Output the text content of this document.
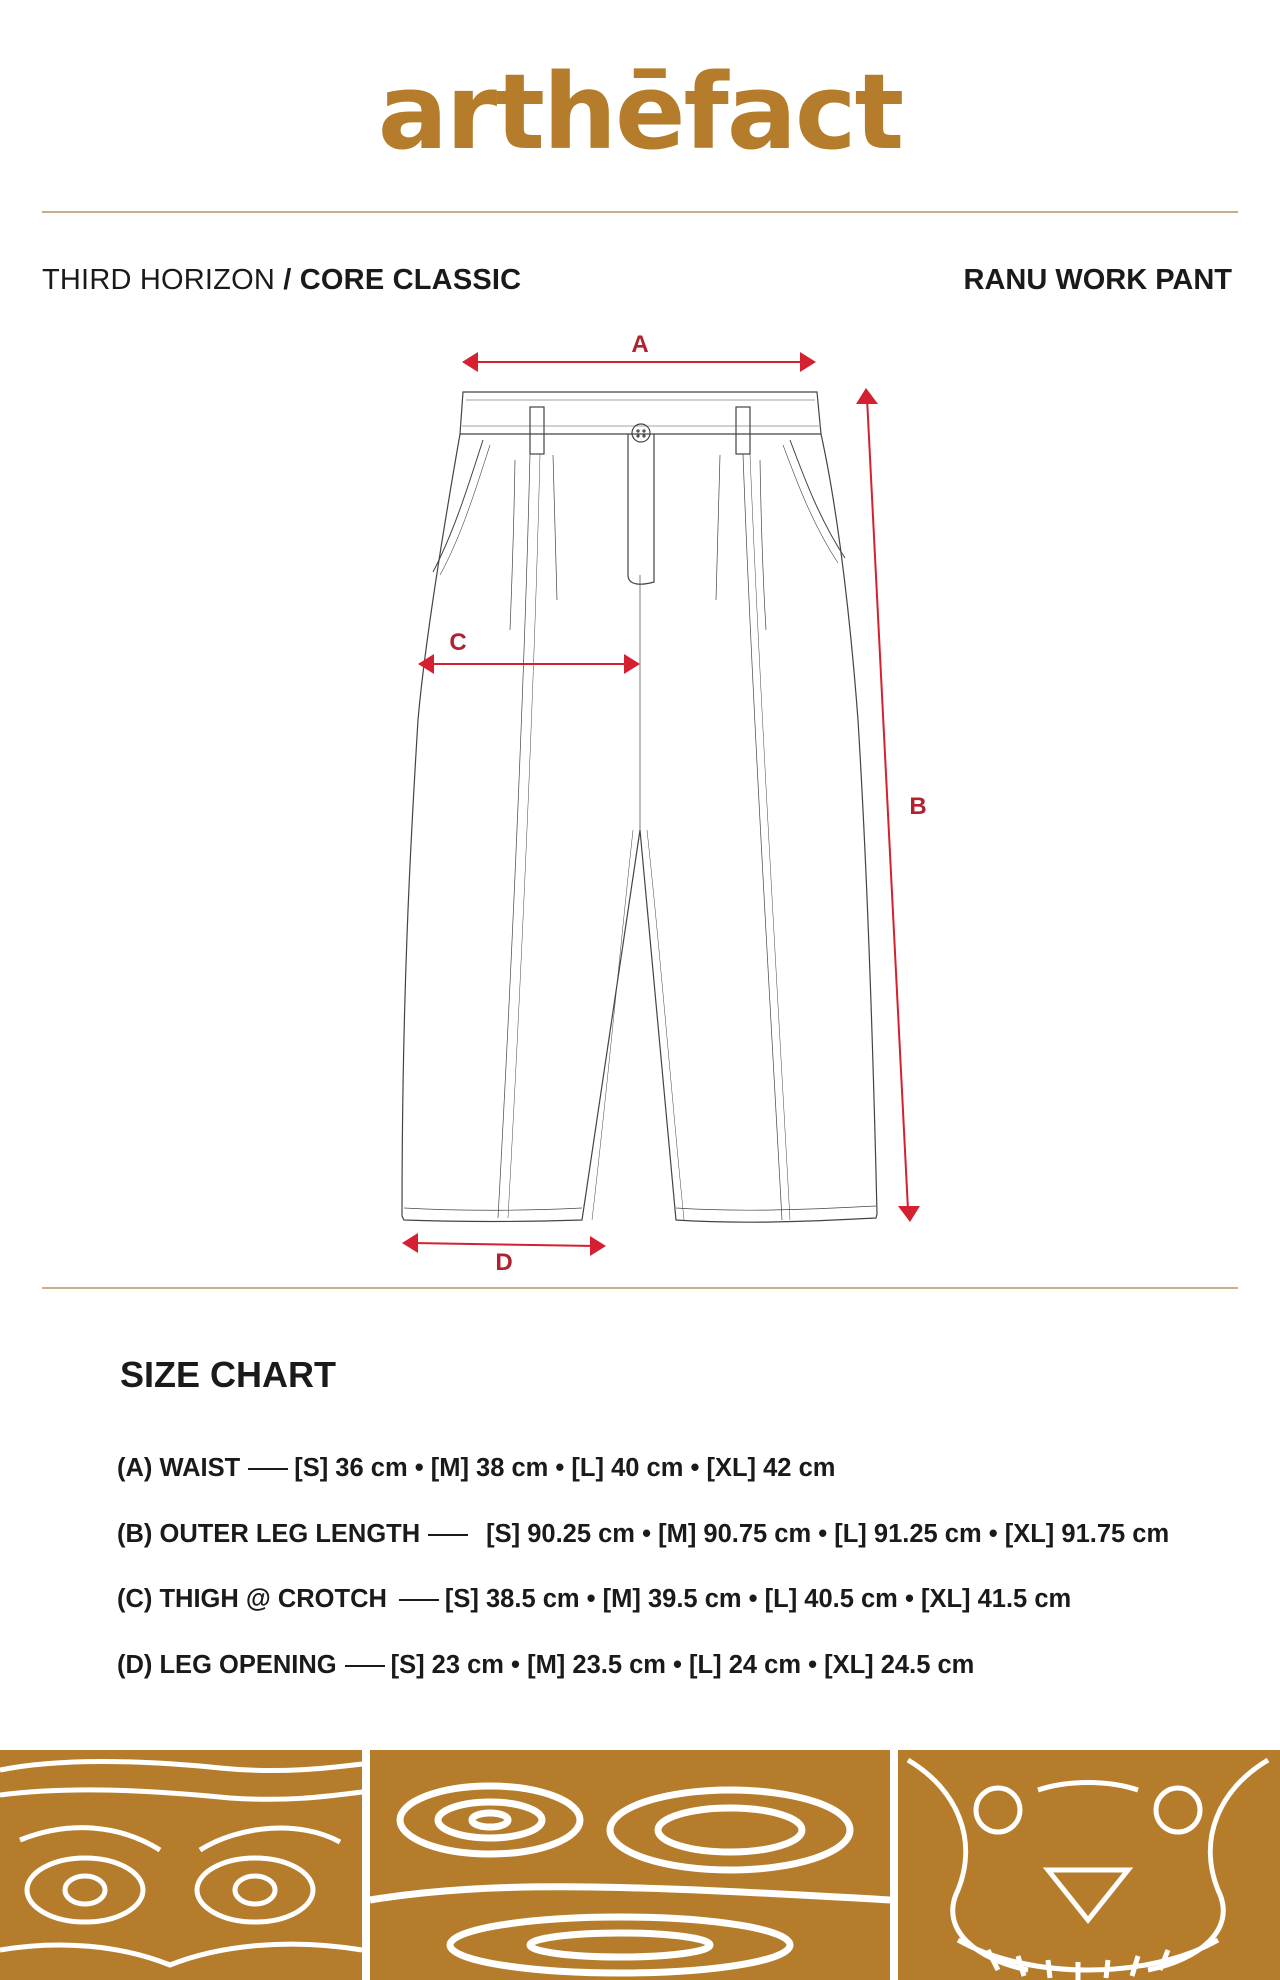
arthēfact
THIRD HORIZON / CORE CLASSIC	RANU WORK PANT
A
B
C
D
SIZE CHART
(A) WAIST [S] 36 cm • [M] 38 cm • [L] 40 cm • [XL] 42 cm
(B) OUTER LEG LENGTH	[S] 90.25 cm • [M] 90.75 cm • [L] 91.25 cm • [XL] 91.75 cm
(C) THIGH @ CROTCH [S] 38.5 cm • [M] 39.5 cm • [L] 40.5 cm • [XL] 41.5 cm
(D) LEG OPENING [S] 23 cm • [M] 23.5 cm • [L] 24 cm • [XL] 24.5 cm
